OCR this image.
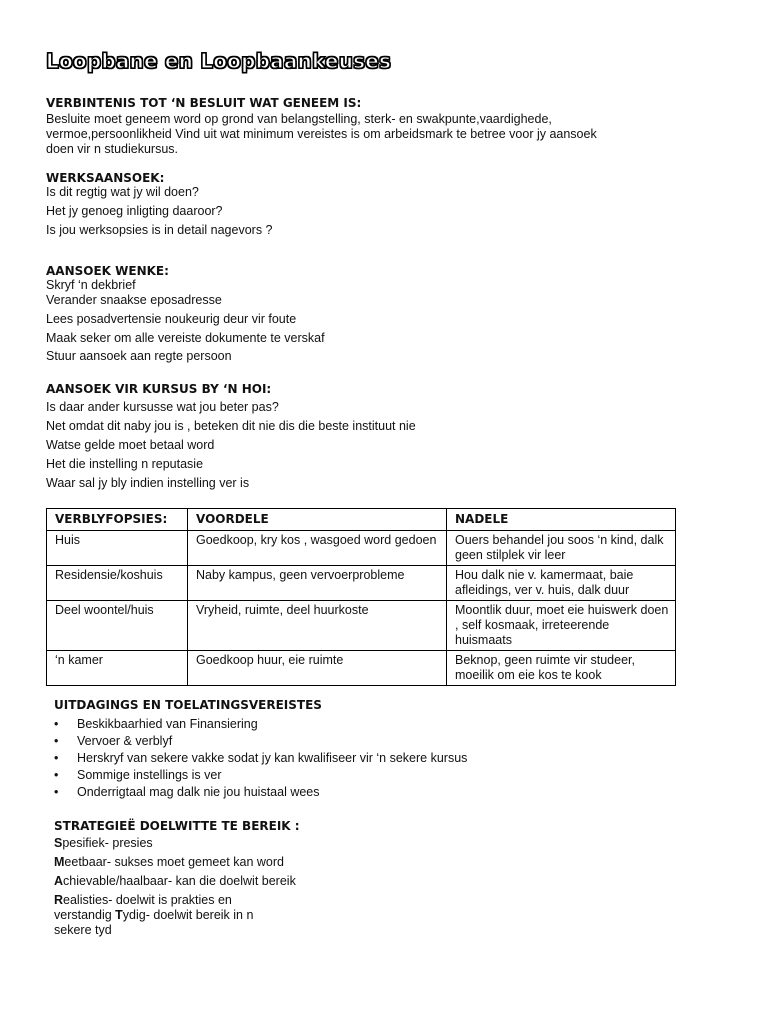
Loopbane en Loopbaankeuses
VERBINTENIS TOT ‘N BESLUIT WAT GENEEM IS:

Besluite moet geneem word op grond van belangstelling, sterk- en swakpunte,vaardighede,
vermoe,persoonlikheid Vind uit wat minimum vereistes is om arbeidsmark te betree voor jy aansoek
doen vir n studiekursus.

WERKSAANSOEK:

Is dit regtig wat jy wil doen?

Het jy genoeg inligting daaroor?

Is jou werksopsies is in detail nagevors ?

AANSOEK WENKE:

Skryf ‘n dekbrief

Verander snaakse eposadresse

Lees posadvertensie noukeurig deur vir foute

Maak seker om alle vereiste dokumente te verskaf

Stuur aansoek aan regte persoon

AANSOEK VIR KURSUS BY ‘N HOI:

Is daar ander kursusse wat jou beter pas?

Net omdat dit naby jou is , beteken dit nie dis die beste instituut nie

Watse gelde moet betaal word

Het die instelling n reputasie

Waar sal jy bly indien instelling ver is

VERBLYFOPSIES:	VOORDELE	NADELE
Huis	Goedkoop, kry kos , wasgoed word gedoen	Ouers behandel jou soos ‘n kind, dalk geen stilplek vir leer
Residensie/koshuis	Naby kampus, geen vervoerprobleme	Hou dalk nie v. kamermaat, baie afleidings, ver v. huis, dalk duur
Deel woontel/huis	Vryheid, ruimte, deel huurkoste	Moontlik duur, moet eie huiswerk doen , self kosmaak, irreteerende huismaats
‘n kamer	Goedkoop huur, eie ruimte	Beknop, geen ruimte vir studeer, moeilik om eie kos te kook
UITDAGINGS EN TOELATINGSVEREISTES
• Beskikbaarhied van Finansiering
• Vervoer & verblyf
• Herskryf van sekere vakke sodat jy kan kwalifiseer vir ‘n sekere kursus
• Sommige instellings is ver
• Onderrigtaal mag dalk nie jou huistaal wees
STRATEGIEË DOELWITTE TE BEREIK :

Spesifiek- presies

Meetbaar- sukses moet gemeet kan word

Achievable/haalbaar- kan die doelwit bereik

Realisties- doelwit is prakties en
verstandig Tydig- doelwit bereik in n
sekere tyd
